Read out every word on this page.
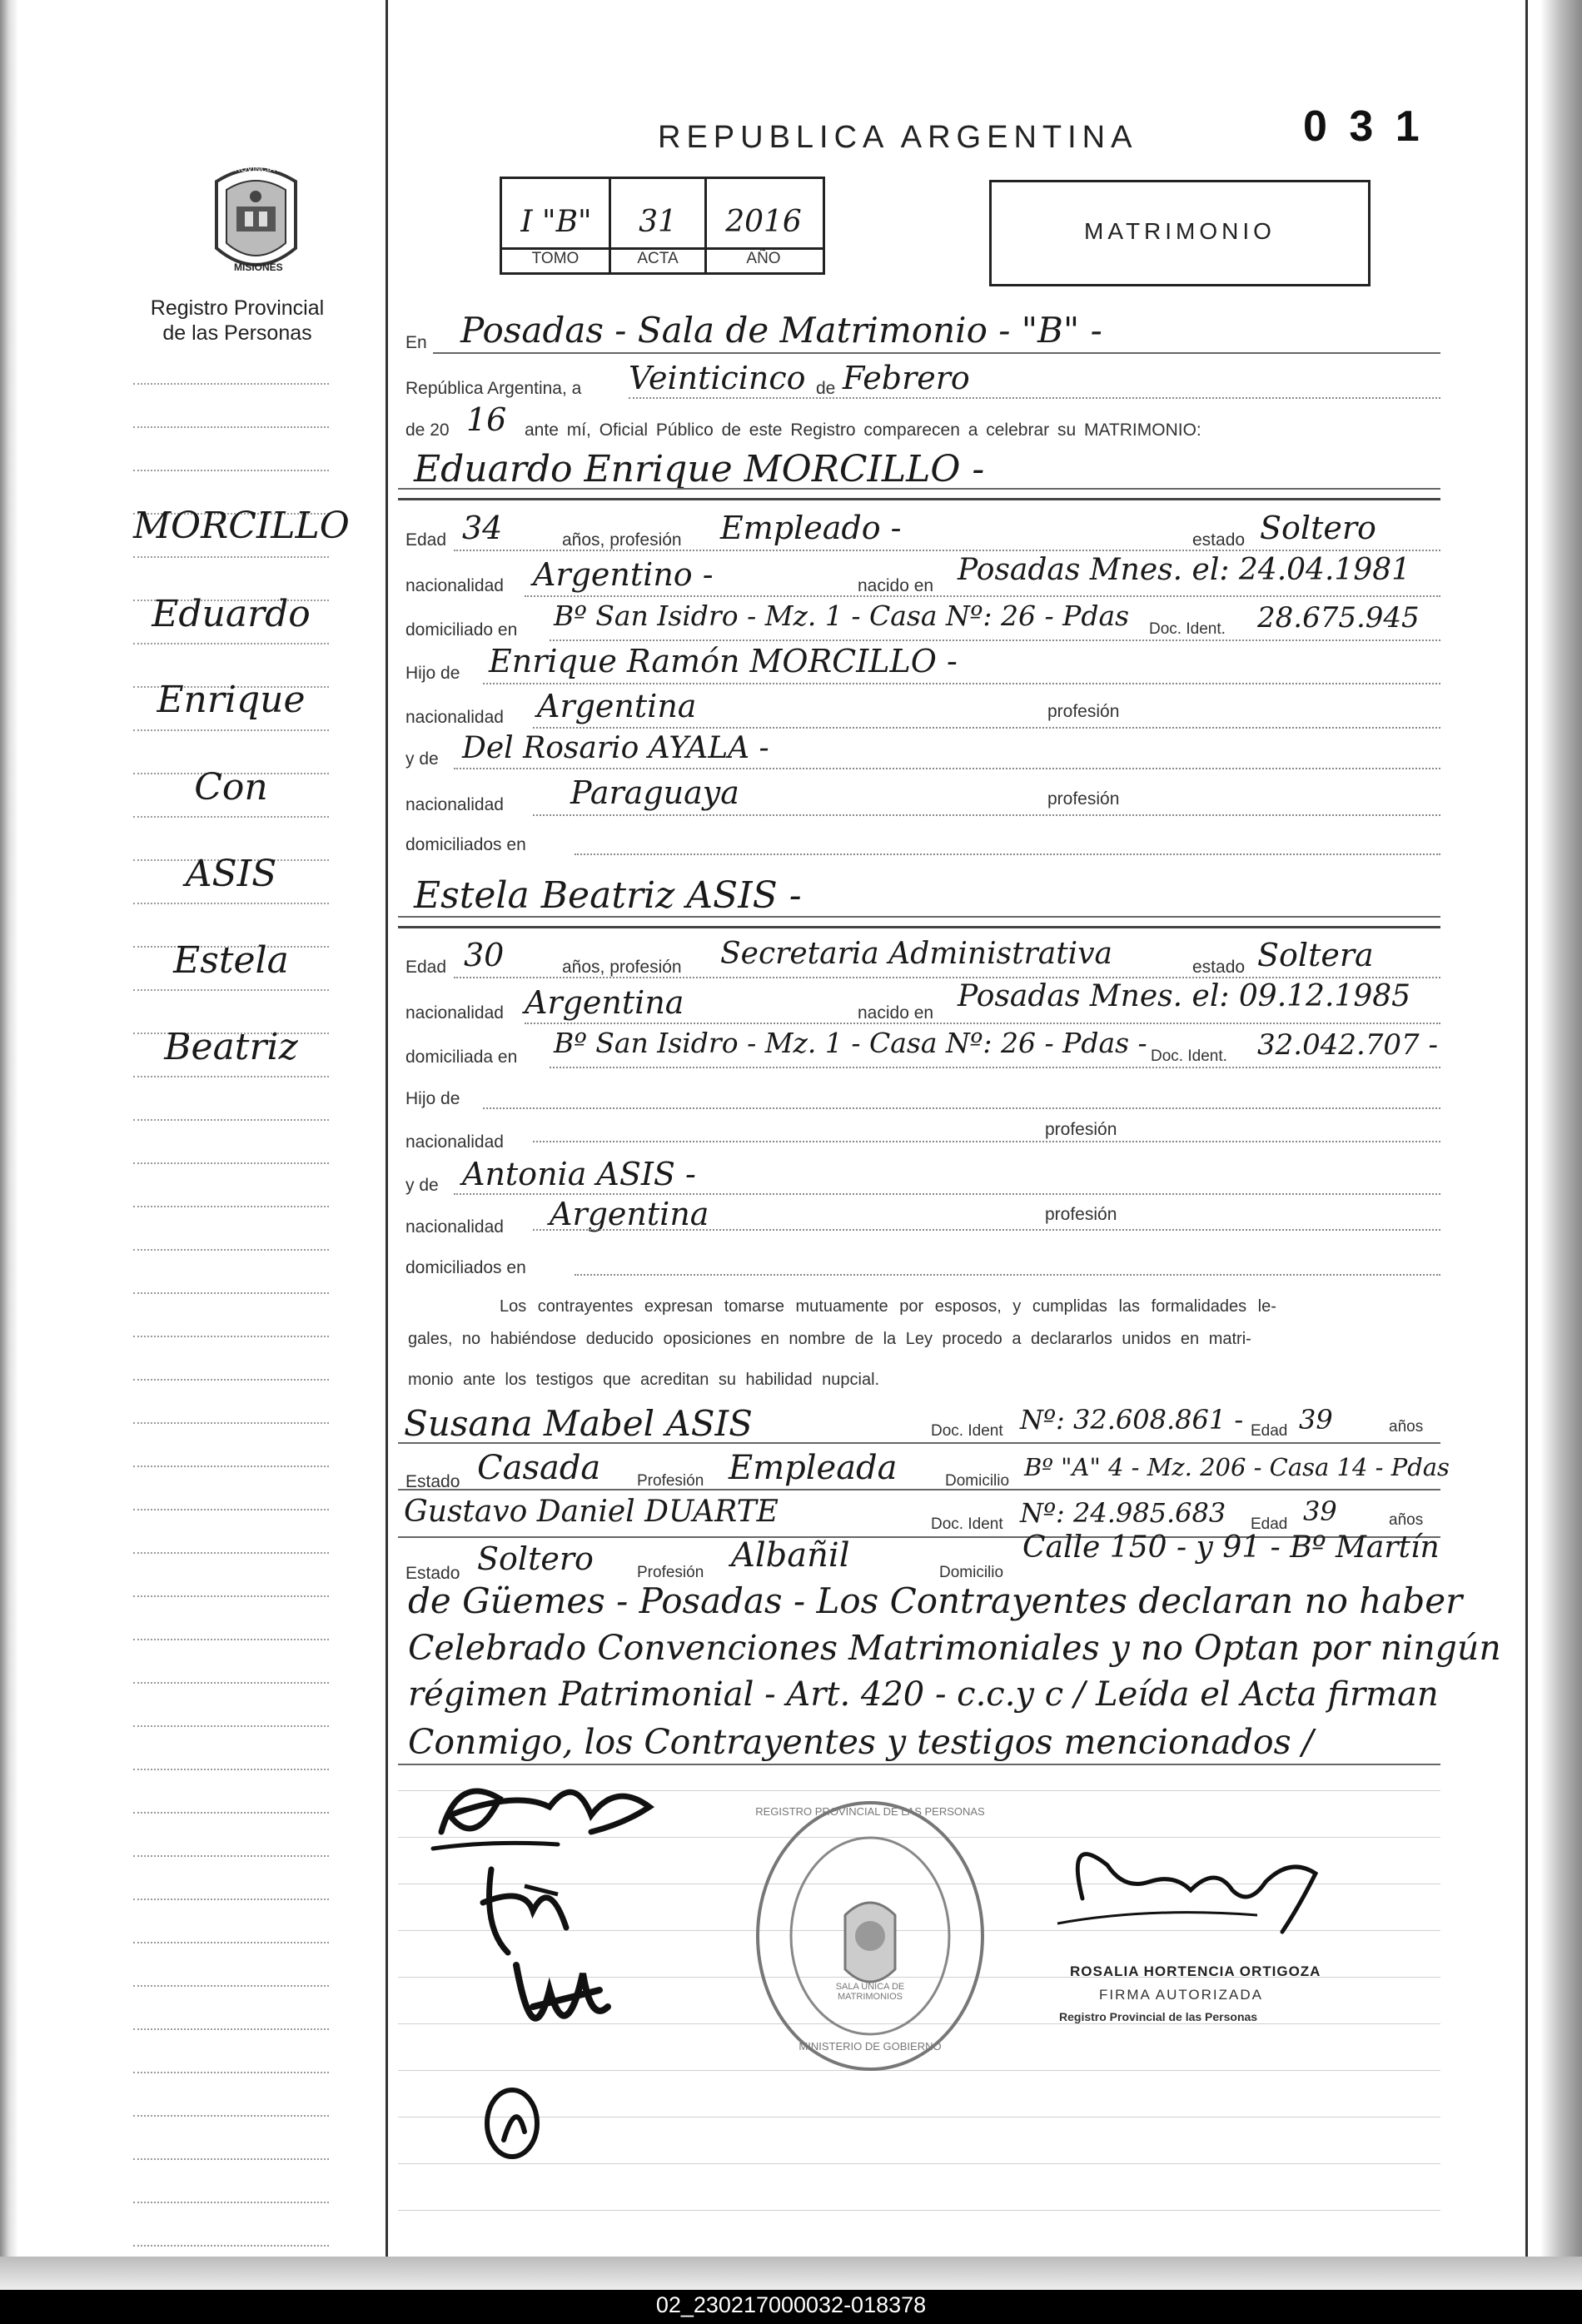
REPUBLICA ARGENTINA	0 3 1
PROVINCIA DE
MISIONES
Registro Provincial
de las Personas
I "B"	31	2016
TOMO	ACTA	AÑO
MATRIMONIO
MORCILLO
Eduardo
Enrique
Con
ASIS
Estela
Beatriz
En Posadas - Sala de Matrimonio - "B" -
República Argentina, a Veinticinco de Febrero
de 20 16 ante mí, Oficial Público de este Registro comparecen a celebrar su MATRIMONIO:
Eduardo Enrique MORCILLO -
Edad 34	años, profesión Empleado -	estado Soltero
nacionalidad Argentino -	nacido en Posadas Mnes. el: 24.04.1981
domiciliado en Bº San Isidro - Mz. 1 - Casa Nº: 26 - Pdas Doc. Ident. 28.675.945
Hijo de Enrique Ramón MORCILLO -
nacionalidad Argentina	profesión
y de Del Rosario AYALA -
nacionalidad Paraguaya	profesión
domiciliados en
Estela Beatriz ASIS -
Edad 30	años, profesión Secretaria Administrativa	estado Soltera
nacionalidad Argentina	nacido en Posadas Mnes. el: 09.12.1985
domiciliada en Bº San Isidro - Mz. 1 - Casa Nº: 26 - Pdas - Doc. Ident. 32.042.707 -
Hijo de
nacionalidad
profesión
y de Antonia ASIS -
nacionalidad Argentina	profesión
domiciliados en
Los contrayentes expresan tomarse mutuamente por esposos, y cumplidas las formalidades le-
gales, no habiéndose deducido oposiciones en nombre de la Ley procedo a declararlos unidos en matri-
monio ante los testigos que acreditan su habilidad nupcial.
Susana Mabel ASIS	Doc. Ident Nº: 32.608.861 - Edad 39	años
Estado Casada Profesión Empleada	Domicilio Bº "A" 4 - Mz. 206 - Casa 14 - Pdas
Gustavo Daniel DUARTE	Doc. Ident Nº: 24.985.683 Edad 39	años
Estado Soltero	Profesión Albañil	Domicilio
Calle 150 - y 91 - Bº Martín
de Güemes - Posadas - Los Contrayentes declaran no haber
Celebrado Convenciones Matrimoniales y no Optan por ningún
régimen Patrimonial - Art. 420 - c.c.y c / Leída el Acta firman
Conmigo, los Contrayentes y testigos mencionados /
ROSALIA HORTENCIA ORTIGOZA
FIRMA AUTORIZADA
Registro Provincial de las Personas
REGISTRO PROVINCIAL DE LAS PERSONAS
SALA UNICA DE MATRIMONIOS
MINISTERIO DE GOBIERNO
02_230217000032-018378
